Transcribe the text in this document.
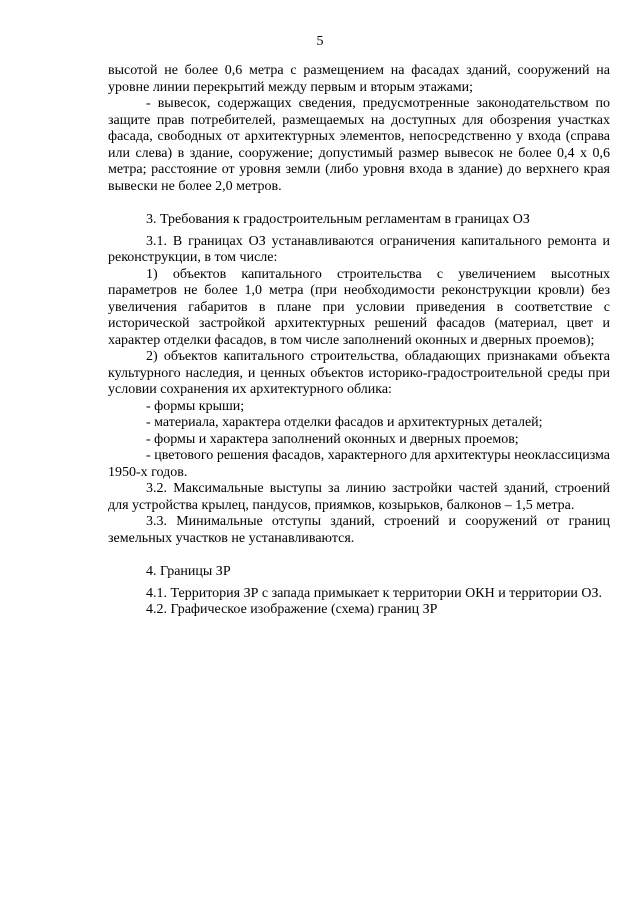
5

высотой не более 0,6 метра с размещением на фасадах зданий, сооружений на уровне линии перекрытий между первым и вторым этажами;

- вывесок, содержащих сведения, предусмотренные законодательством по защите прав потребителей, размещаемых на доступных для обозрения участках фасада, свободных от архитектурных элементов, непосредственно у входа (справа или слева) в здание, сооружение; допустимый размер вывесок не более 0,4 х 0,6 метра; расстояние от уровня земли (либо уровня входа в здание) до верхнего края вывески не более 2,0 метров.

3. Требования к градостроительным регламентам в границах ОЗ

3.1. В границах ОЗ устанавливаются ограничения капитального ремонта и реконструкции, в том числе:

1) объектов капитального строительства с увеличением высотных параметров не более 1,0 метра (при необходимости реконструкции кровли) без увеличения габаритов в плане при условии приведения в соответствие с исторической застройкой архитектурных решений фасадов (материал, цвет и характер отделки фасадов, в том числе заполнений оконных и дверных проемов);

2) объектов капитального строительства, обладающих признаками объекта культурного наследия, и ценных объектов историко-градостроительной среды при условии сохранения их архитектурного облика:

- формы крыши;

- материала, характера отделки фасадов и архитектурных деталей;

- формы и характера заполнений оконных и дверных проемов;

- цветового решения фасадов, характерного для архитектуры неоклассицизма 1950-х годов.

3.2. Максимальные выступы за линию застройки частей зданий, строений для устройства крылец, пандусов, приямков, козырьков, балконов – 1,5 метра.

3.3. Минимальные отступы зданий, строений и сооружений от границ земельных участков не устанавливаются.

4. Границы ЗР

4.1. Территория ЗР с запада примыкает к территории ОКН и территории ОЗ.

4.2. Графическое изображение (схема) границ ЗР
